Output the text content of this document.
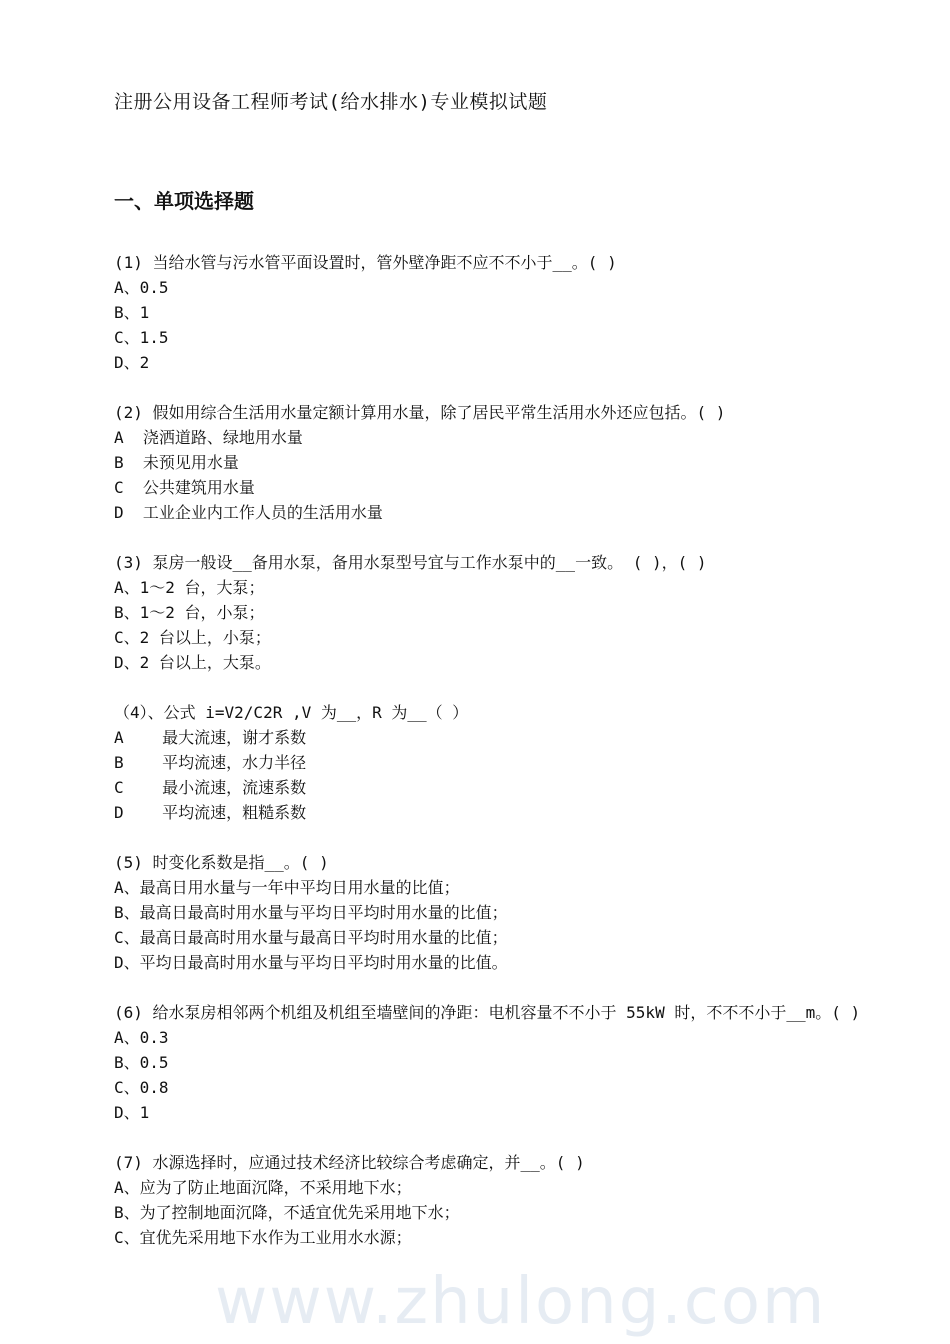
www.zhulong.com
注册公用设备工程师考试(给水排水)专业模拟试题
一、单项选择题

(1) 当给水管与污水管平面设置时，管外壁净距不应不不小于__。( )

A、0.5

B、1

C、1.5

D、2

(2) 假如用综合生活用水量定额计算用水量，除了居民平常生活用水外还应包括。( )

A  浇洒道路、绿地用水量

B  未预见用水量

C  公共建筑用水量

D  工业企业内工作人员的生活用水量

(3) 泵房一般设__备用水泵，备用水泵型号宜与工作水泵中的__一致。 ( )，( )

A、1～2 台，大泵；

B、1～2 台，小泵；

C、2 台以上，小泵；

D、2 台以上，大泵。

（4）、公式 i=V2/C2R ,V 为__，R 为__（ ）

A    最大流速，谢才系数

B    平均流速，水力半径

C    最小流速，流速系数

D    平均流速，粗糙系数

(5) 时变化系数是指__。( )

A、最高日用水量与一年中平均日用水量的比值；

B、最高日最高时用水量与平均日平均时用水量的比值；

C、最高日最高时用水量与最高日平均时用水量的比值；

D、平均日最高时用水量与平均日平均时用水量的比值。

(6) 给水泵房相邻两个机组及机组至墙壁间的净距：电机容量不不小于 55kW 时，不不不小于__m。( )

A、0.3

B、0.5

C、0.8

D、1

(7) 水源选择时，应通过技术经济比较综合考虑确定，并__。( )

A、应为了防止地面沉降，不采用地下水；

B、为了控制地面沉降，不适宜优先采用地下水；

C、宜优先采用地下水作为工业用水水源；
